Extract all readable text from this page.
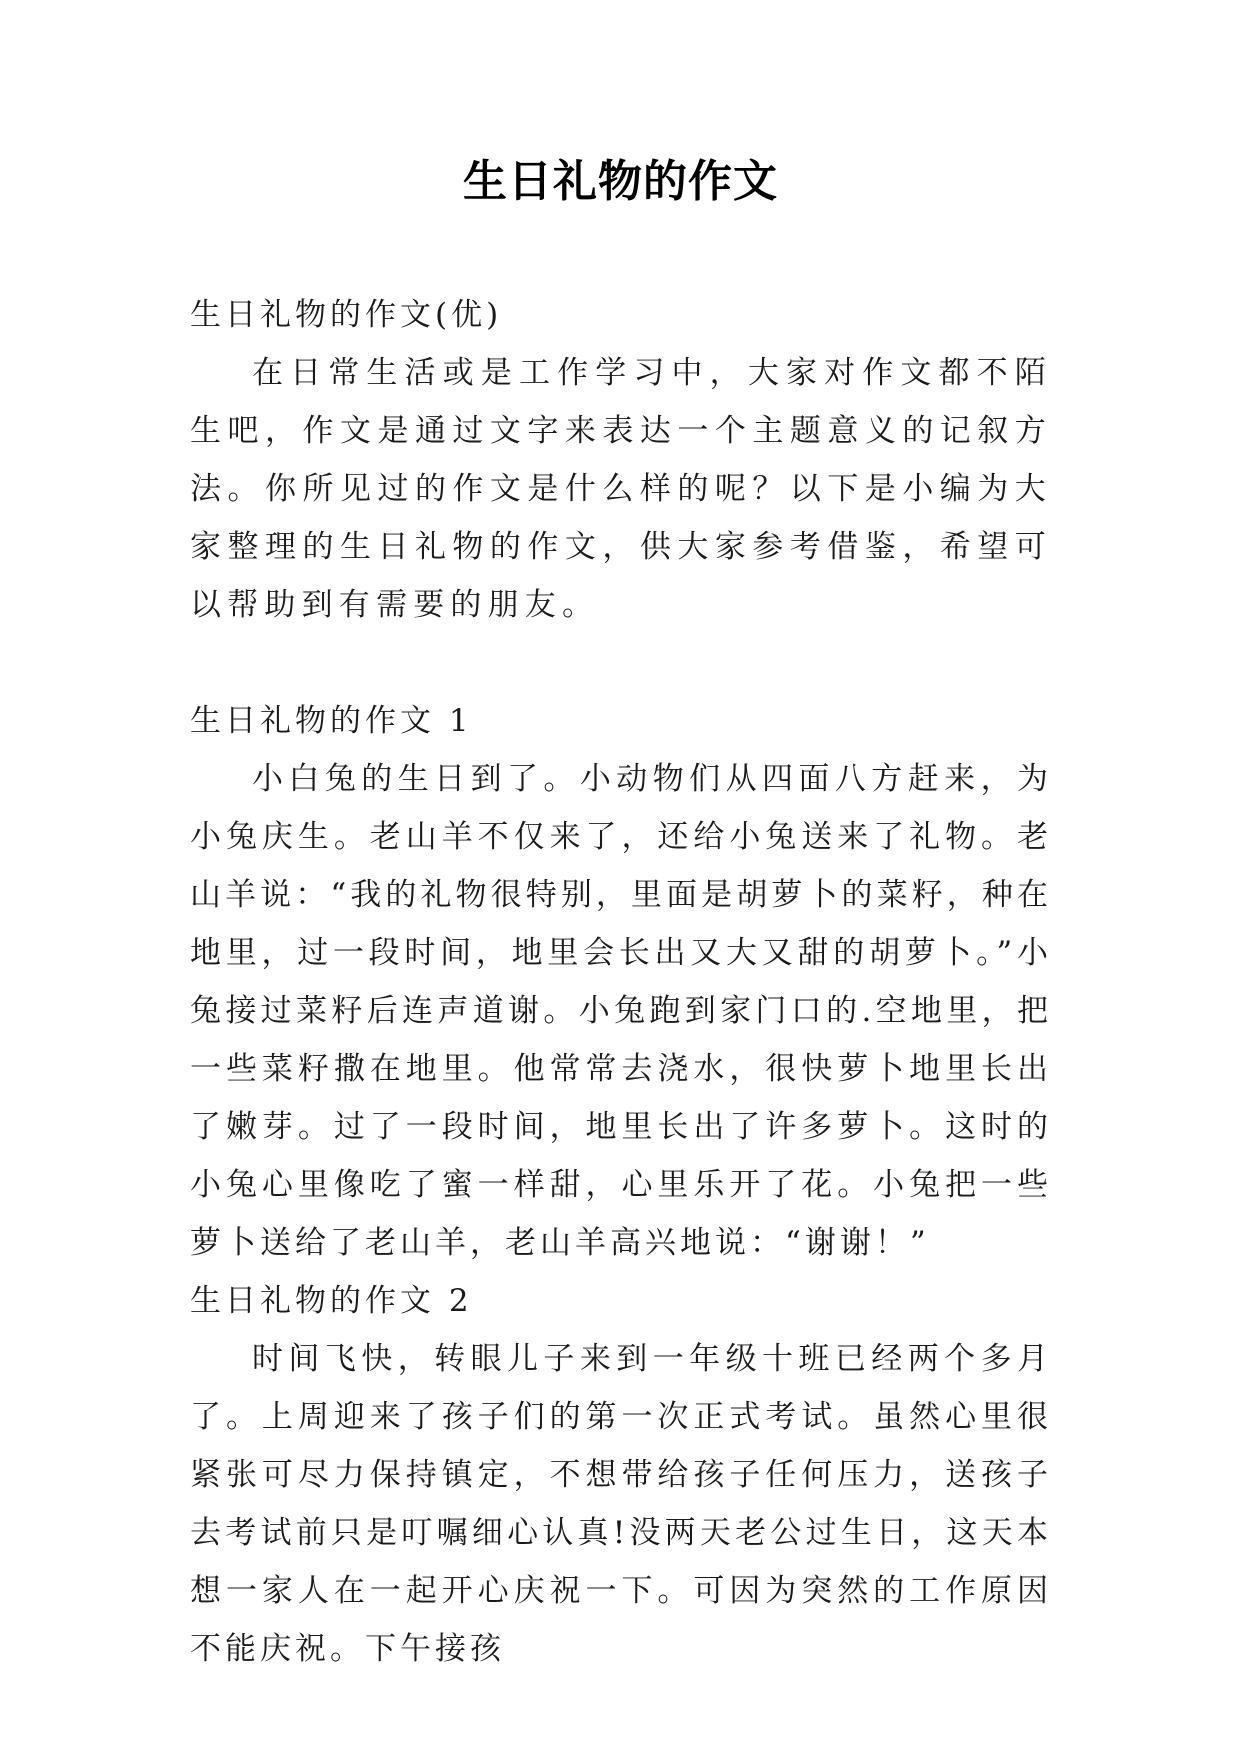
生日礼物的作文

生日礼物的作文(优)

在日常生活或是工作学习中，大家对作文都不陌生吧，作文是通过文字来表达一个主题意义的记叙方法。你所见过的作文是什么样的呢？以下是小编为大家整理的生日礼物的作文，供大家参考借鉴，希望可以帮助到有需要的朋友。

生日礼物的作文 1

小白兔的生日到了。小动物们从四面八方赶来，为小兔庆生。老山羊不仅来了，还给小兔送来了礼物。老山羊说：“我的礼物很特别，里面是胡萝卜的菜籽，种在地里，过一段时间，地里会长出又大又甜的胡萝卜。”小兔接过菜籽后连声道谢。小兔跑到家门口的.空地里，把一些菜籽撒在地里。他常常去浇水，很快萝卜地里长出了嫩芽。过了一段时间，地里长出了许多萝卜。这时的小兔心里像吃了蜜一样甜，心里乐开了花。小兔把一些萝卜送给了老山羊，老山羊高兴地说：“谢谢！”

生日礼物的作文 2

时间飞快，转眼儿子来到一年级十班已经两个多月了。上周迎来了孩子们的第一次正式考试。虽然心里很紧张可尽力保持镇定，不想带给孩子任何压力，送孩子去考试前只是叮嘱细心认真!没两天老公过生日，这天本想一家人在一起开心庆祝一下。可因为突然的工作原因不能庆祝。下午接孩
